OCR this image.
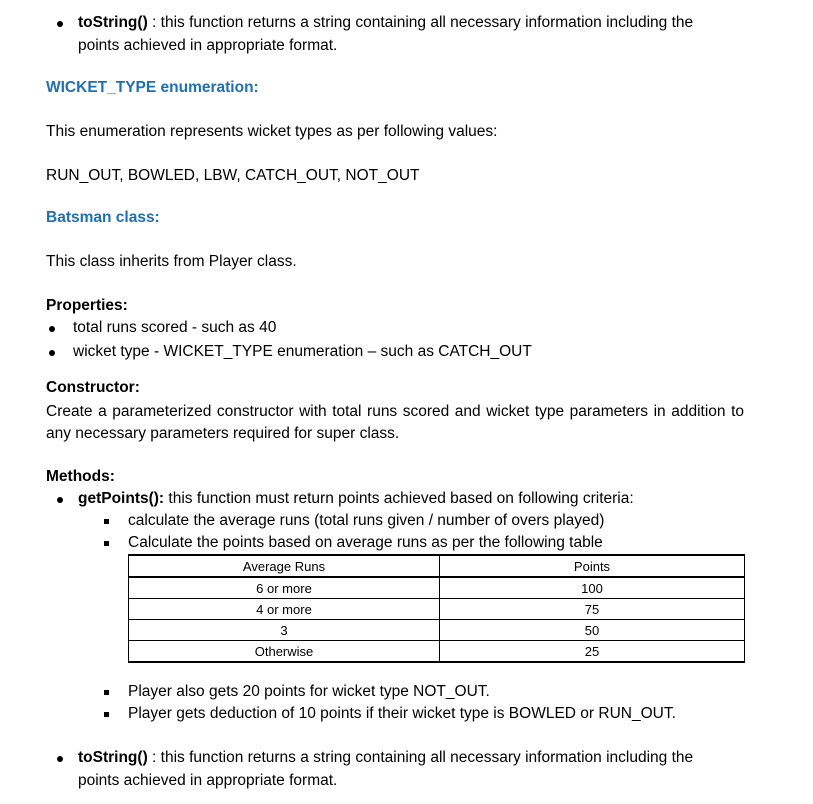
toString() : this function returns a string containing all necessary information including the
points achieved in appropriate format.
WICKET_TYPE enumeration:
This enumeration represents wicket types as per following values:
RUN_OUT, BOWLED, LBW, CATCH_OUT, NOT_OUT
Batsman class:
This class inherits from Player class.
Properties:
total runs scored - such as 40
wicket type - WICKET_TYPE enumeration – such as CATCH_OUT
Constructor:
Create a parameterized constructor with total runs scored and wicket type parameters in addition to any necessary parameters required for super class.
Methods:
getPoints(): this function must return points achieved based on following criteria:
calculate the average runs (total runs given / number of overs played)
Calculate the points based on average runs as per the following table
Average Runs	Points
6 or more	100
4 or more	75
3	50
Otherwise	25
Player also gets 20 points for wicket type NOT_OUT.
Player gets deduction of 10 points if their wicket type is BOWLED or RUN_OUT.
toString() : this function returns a string containing all necessary information including the
points achieved in appropriate format.
